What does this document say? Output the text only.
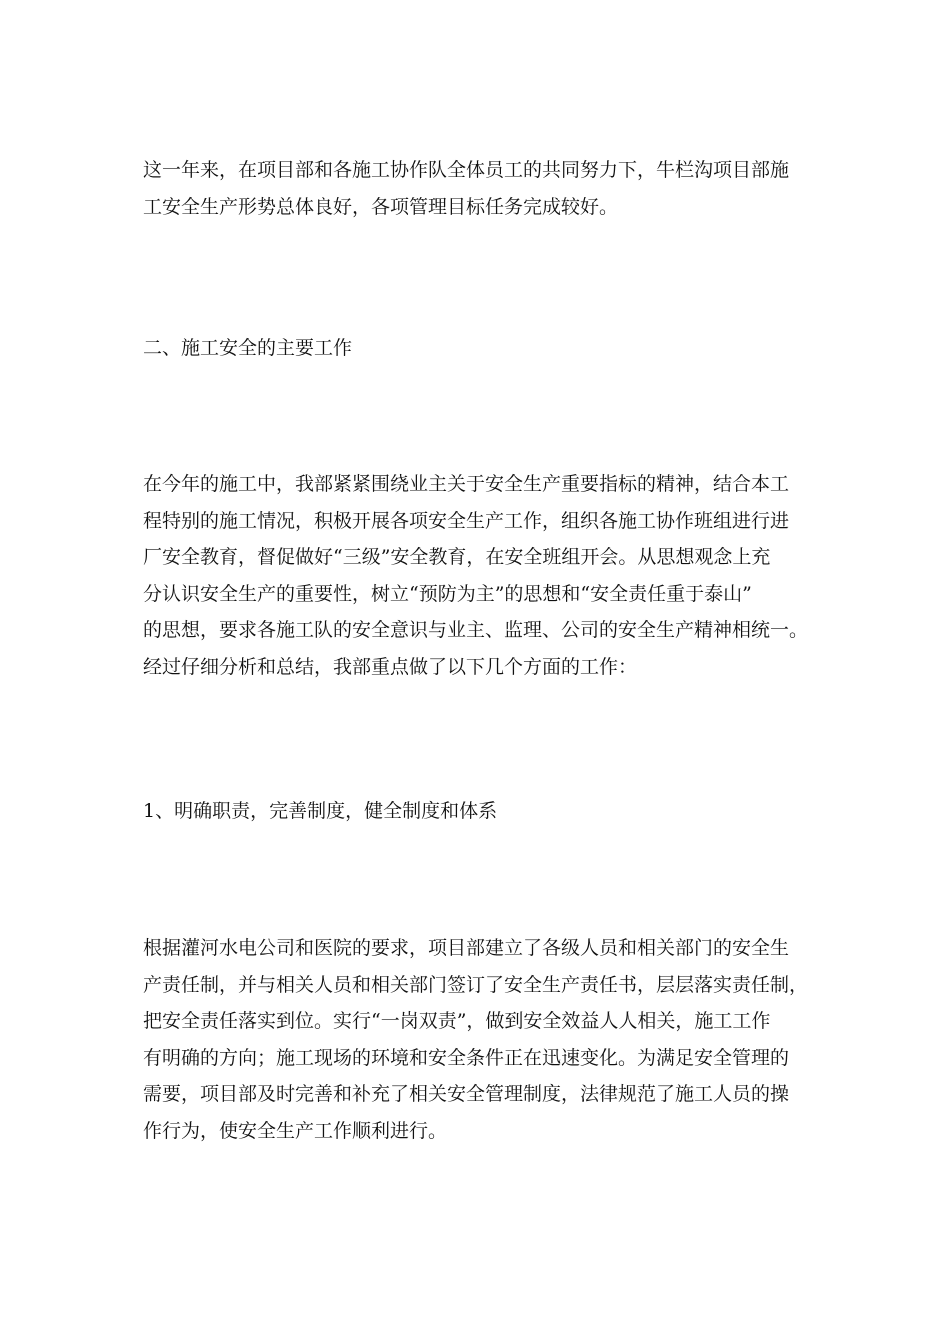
这一年来，在项目部和各施工协作队全体员工的共同努力下，牛栏沟项目部施
工安全生产形势总体良好，各项管理目标任务完成较好。

二、施工安全的主要工作

在今年的施工中，我部紧紧围绕业主关于安全生产重要指标的精神，结合本工
程特别的施工情况，积极开展各项安全生产工作，组织各施工协作班组进行进
厂安全教育，督促做好“三级”安全教育，在安全班组开会。从思想观念上充
分认识安全生产的重要性，树立“预防为主”的思想和“安全责任重于泰山”
的思想，要求各施工队的安全意识与业主、监理、公司的安全生产精神相统一。
经过仔细分析和总结，我部重点做了以下几个方面的工作：

1、明确职责，完善制度，健全制度和体系

根据灌河水电公司和医院的要求，项目部建立了各级人员和相关部门的安全生
产责任制，并与相关人员和相关部门签订了安全生产责任书，层层落实责任制，
把安全责任落实到位。实行“一岗双责”，做到安全效益人人相关，施工工作
有明确的方向；施工现场的环境和安全条件正在迅速变化。为满足安全管理的
需要，项目部及时完善和补充了相关安全管理制度，法律规范了施工人员的操
作行为，使安全生产工作顺利进行。
